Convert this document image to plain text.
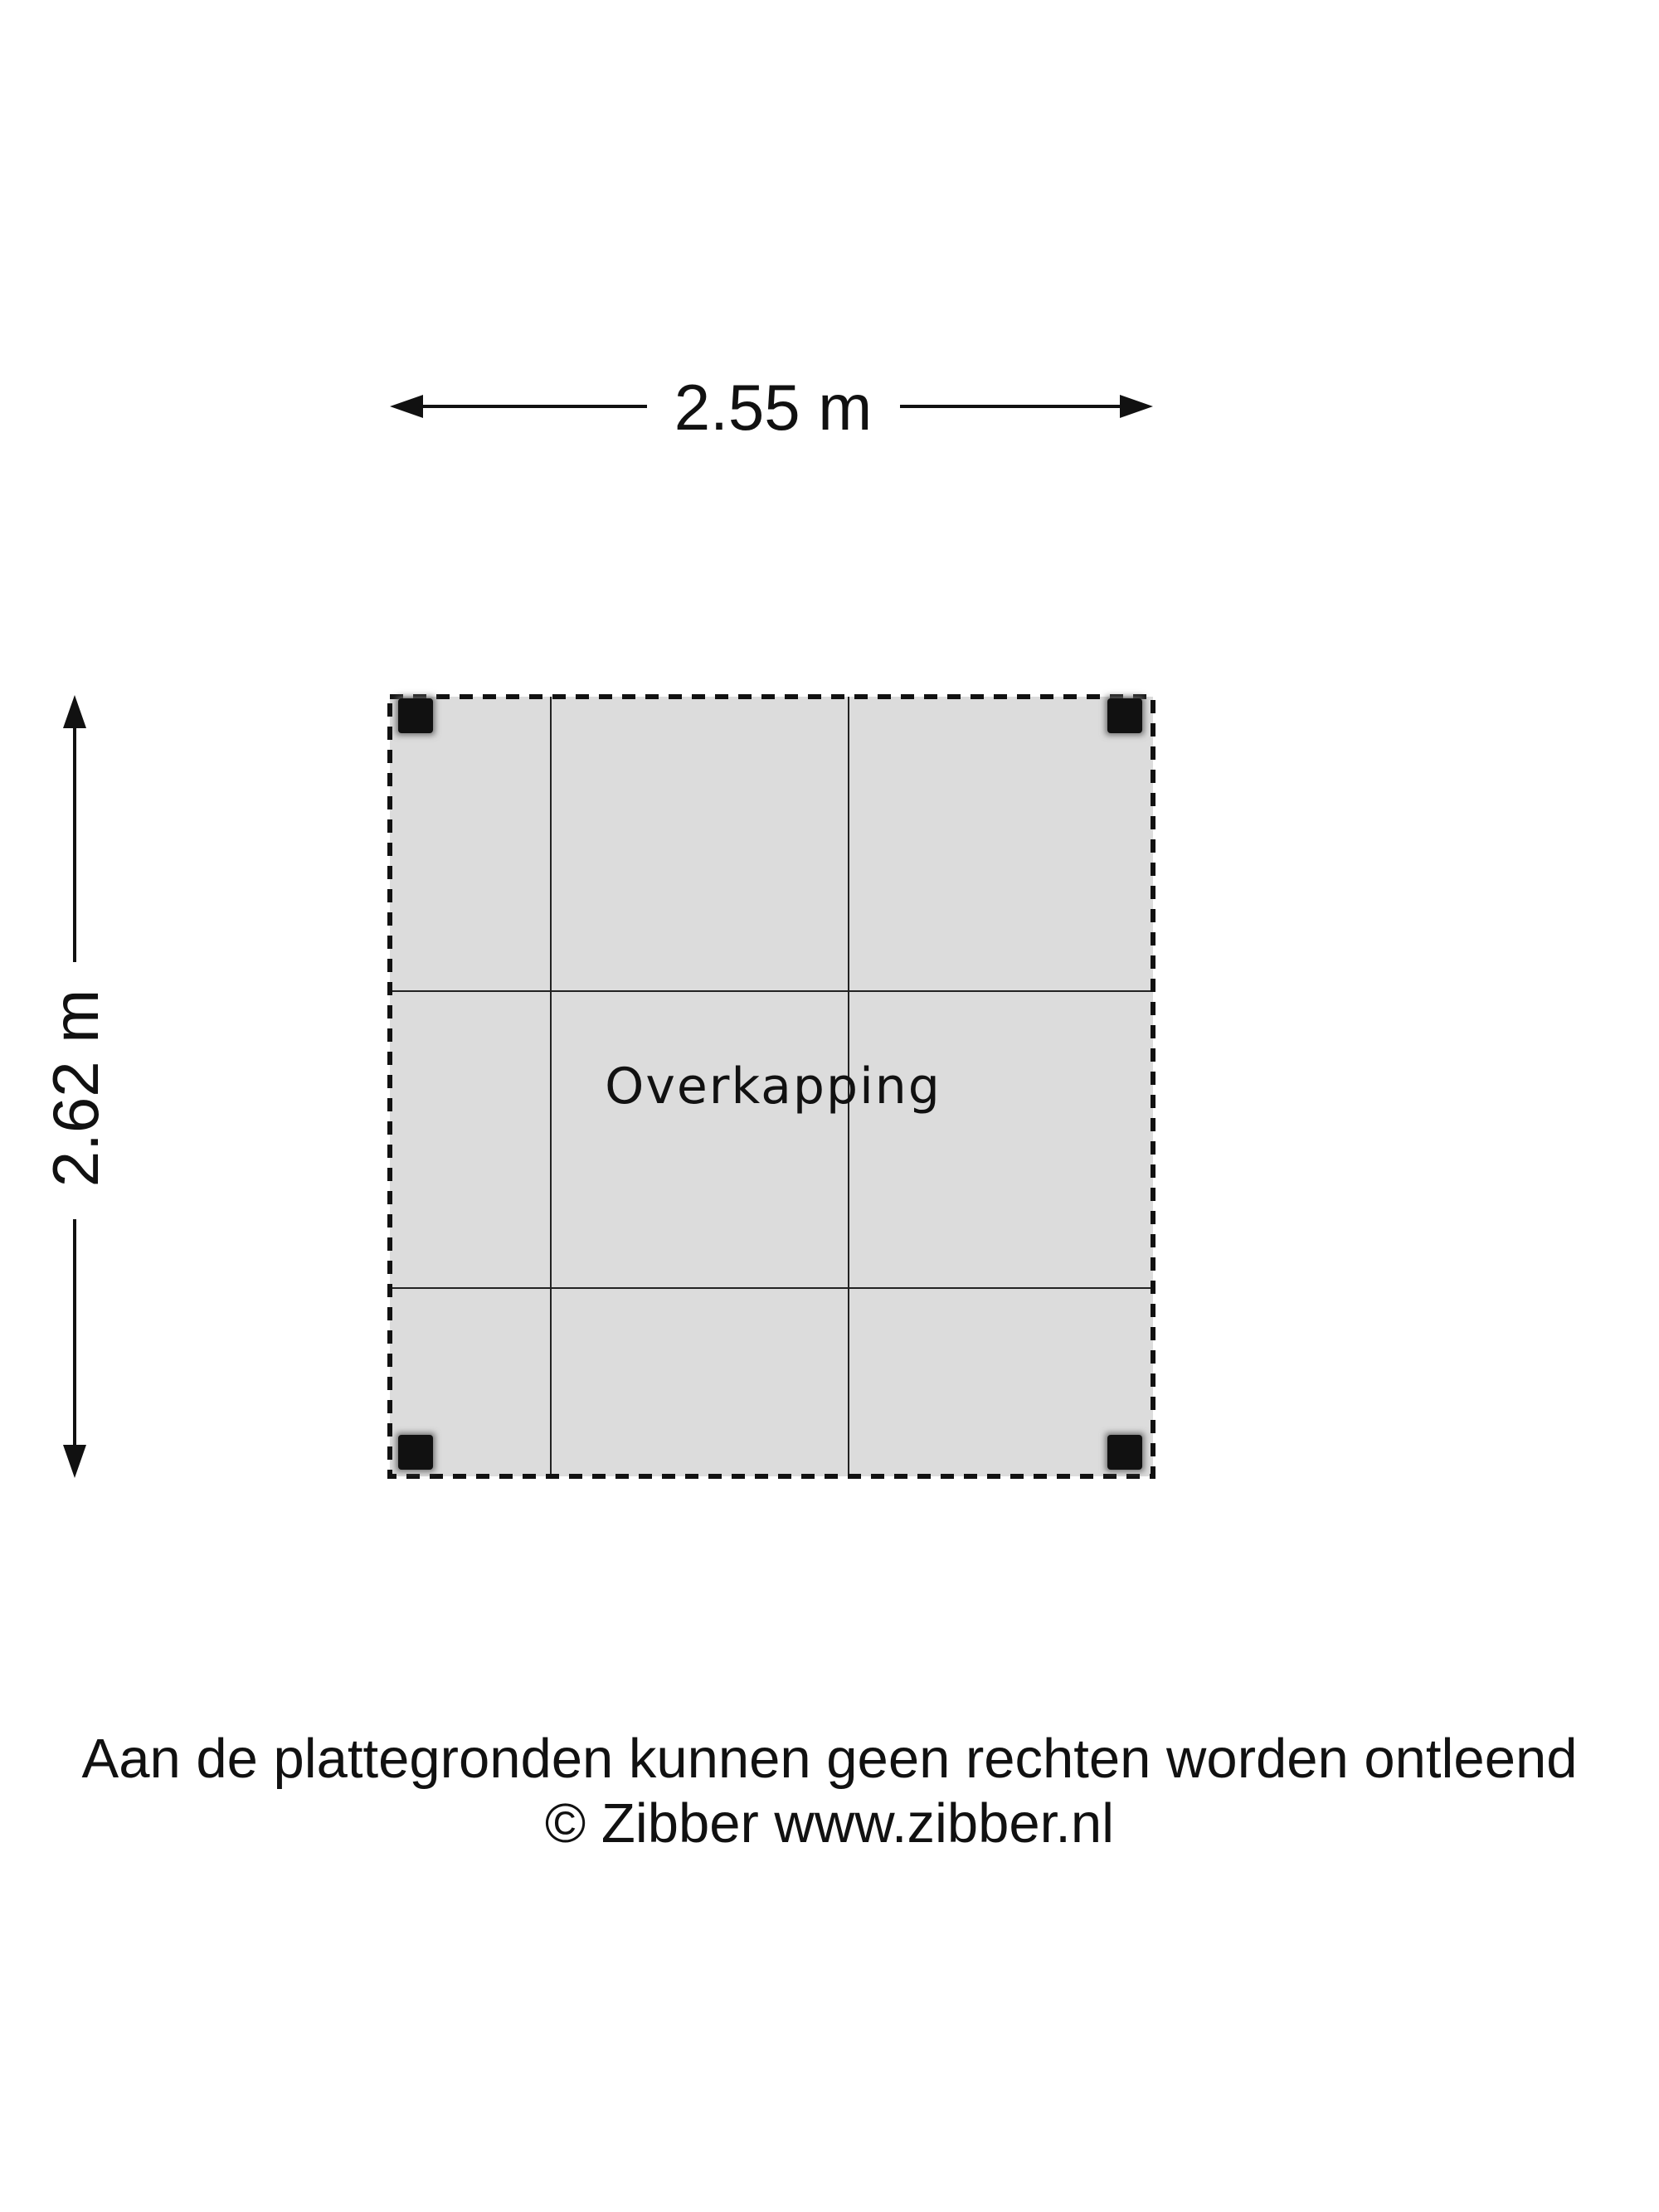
2.55 m
2.62 m	Overkapping
Aan de plattegronden kunnen geen rechten worden ontleend
© Zibber www.zibber.nl
